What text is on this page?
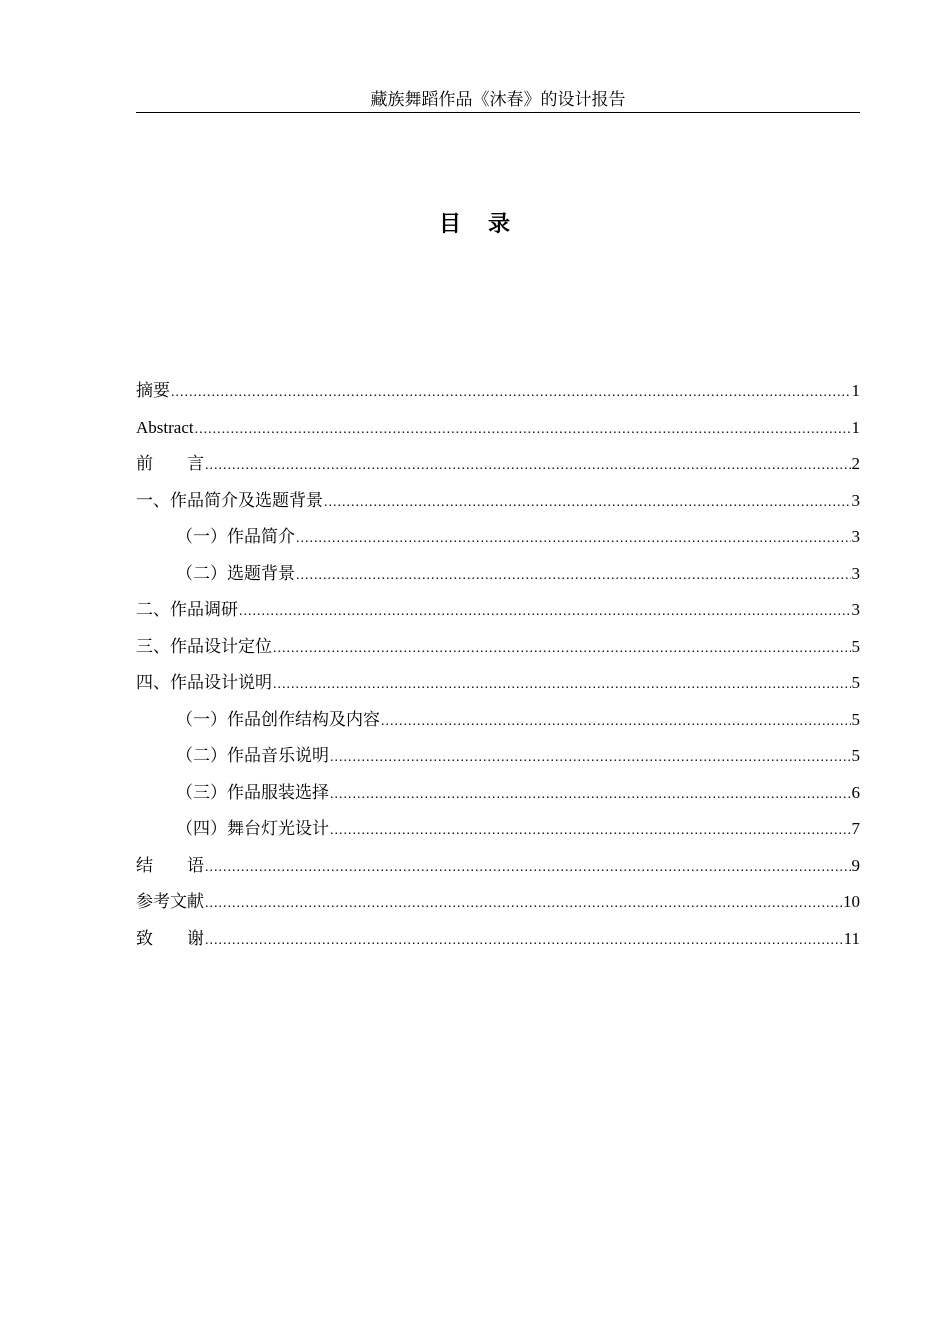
藏族舞蹈作品《沐春》的设计报告
目 录
摘要 .....	1
Abstract .....	1
前　　言 .....	2
一、作品简介及选题背景 .....	3
（一）作品简介 .....	3
（二）选题背景 .....	3
二、作品调研 .....	3
三、作品设计定位 .....	5
四、作品设计说明 .....	5
（一）作品创作结构及内容 .....	5
（二）作品音乐说明 .....	5
（三）作品服装选择 .....	6
（四）舞台灯光设计 .....	7
结　　语 .....	9
参考文献 .....	10
致　　谢 .....	11
